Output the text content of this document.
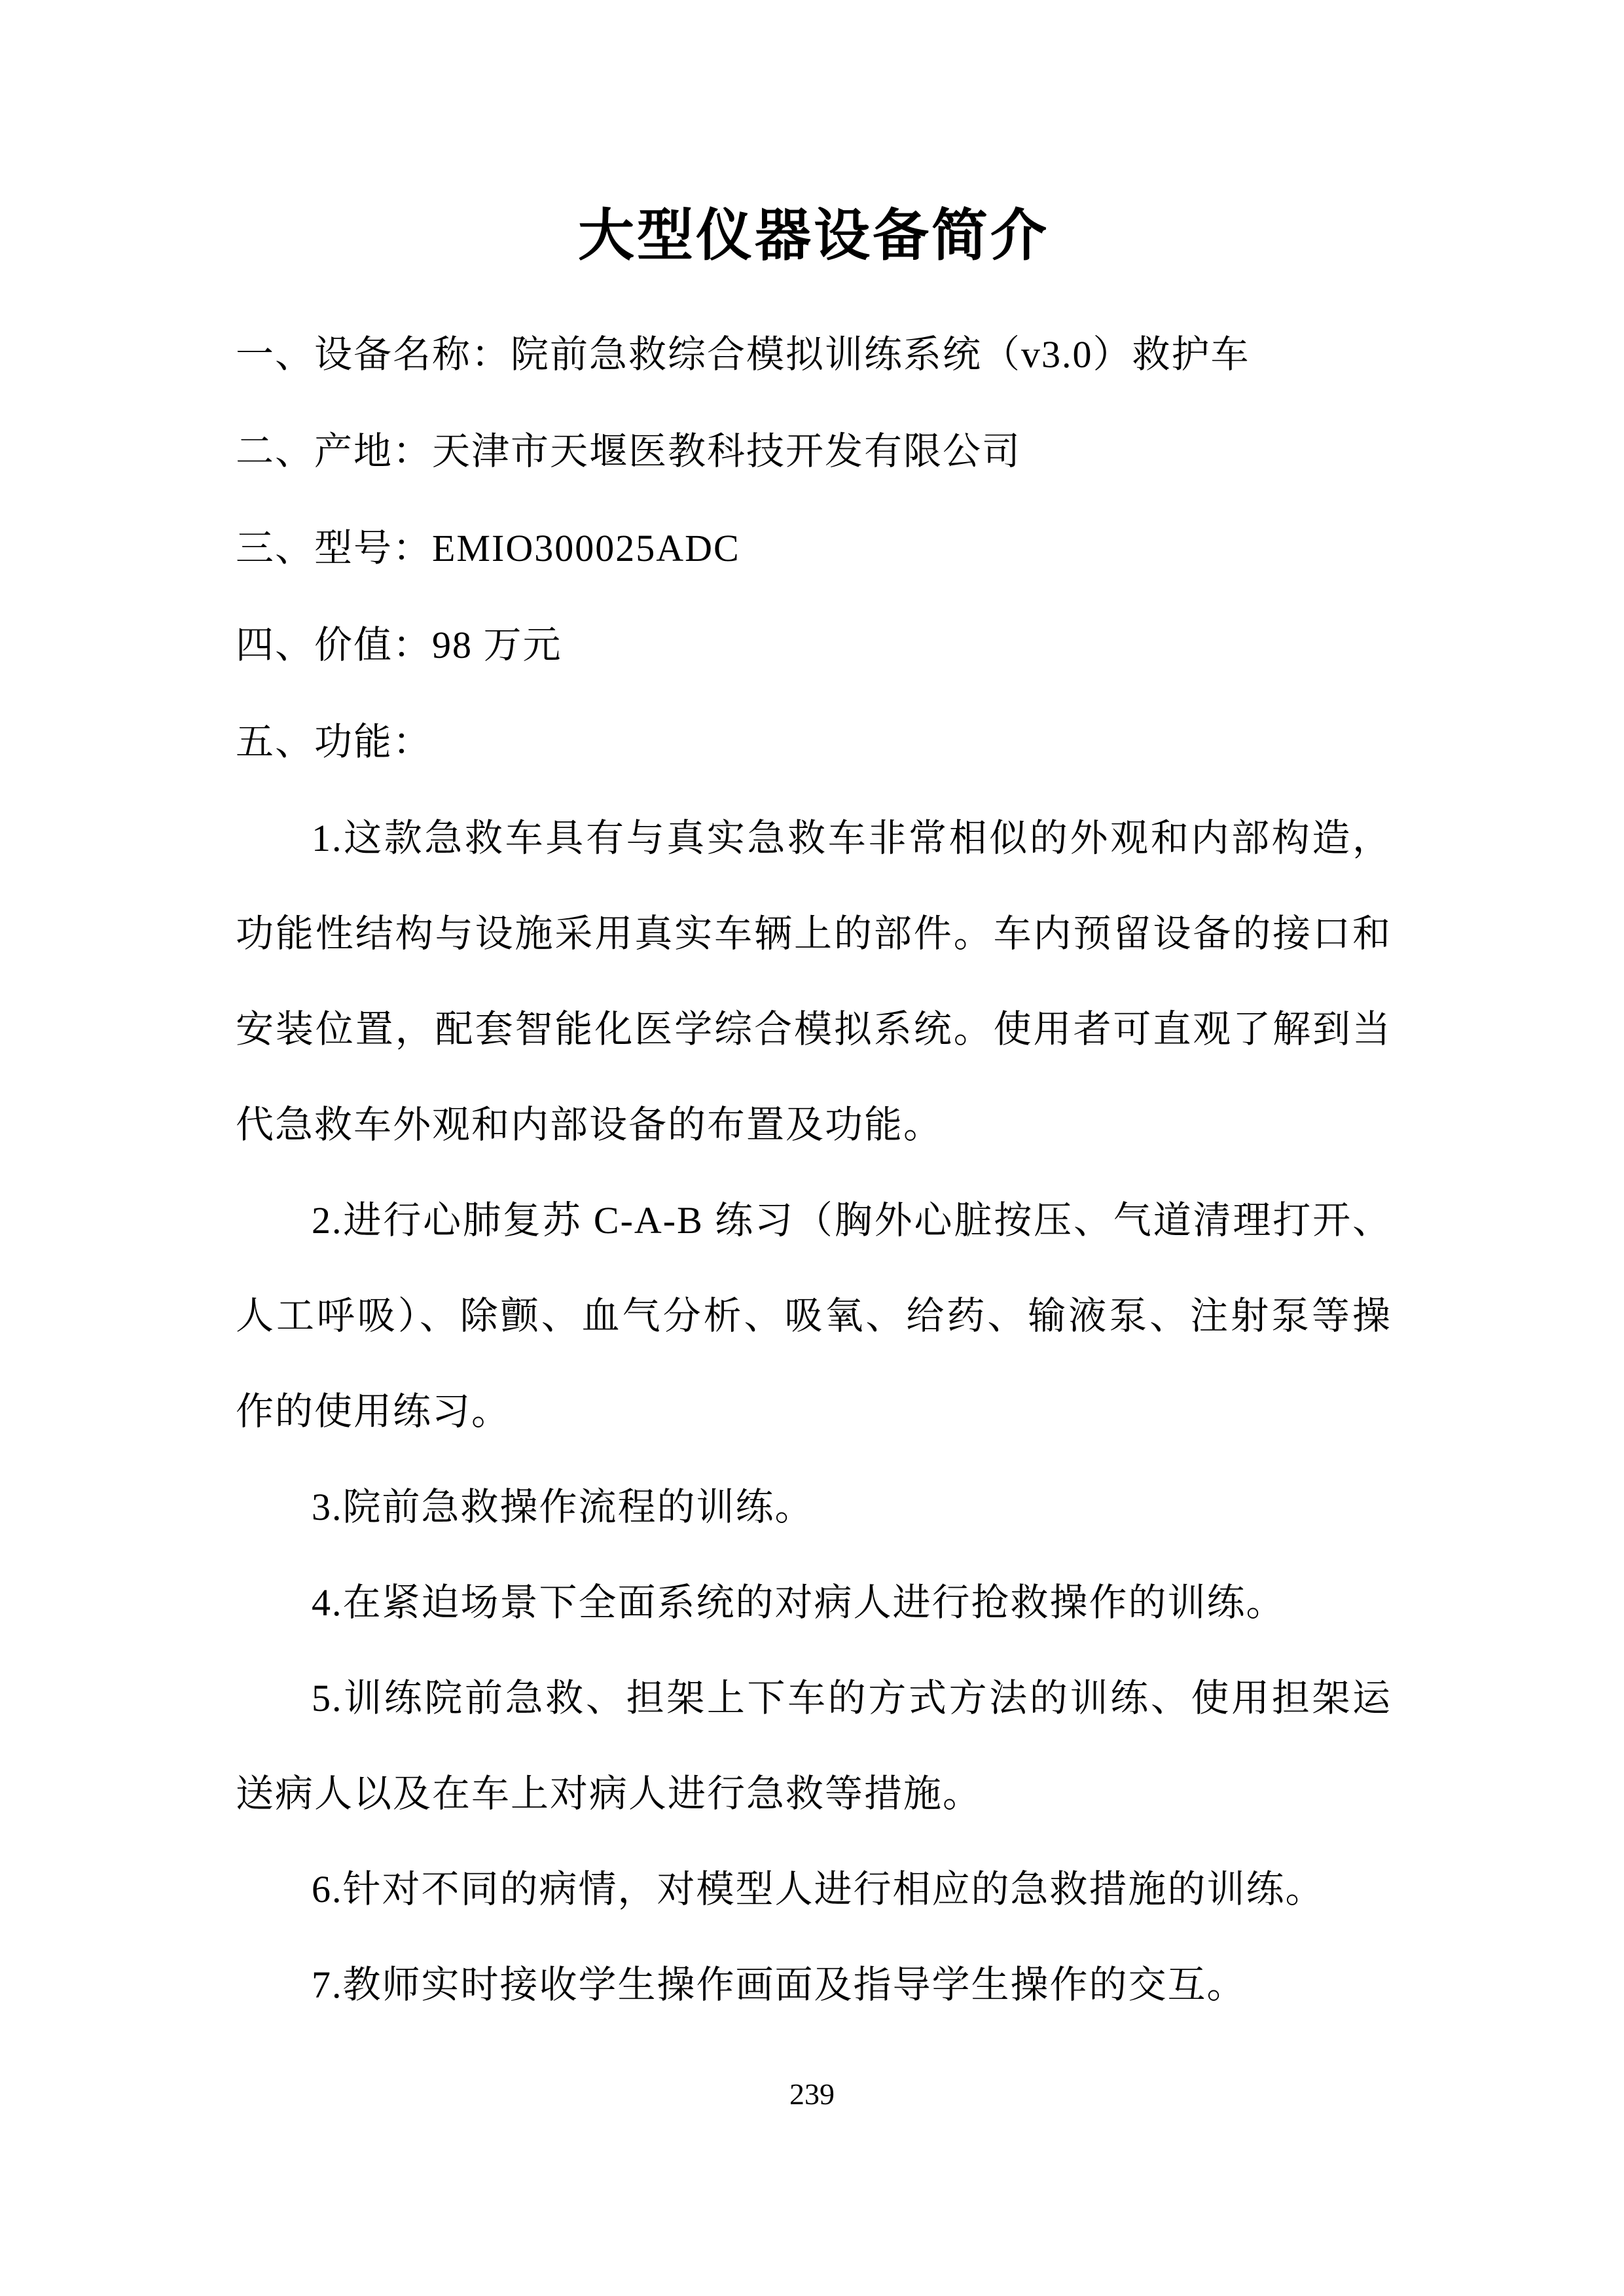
大型仪器设备简介

一、设备名称：院前急救综合模拟训练系统（v3.0）救护车

二、产地：天津市天堰医教科技开发有限公司

三、型号：EMIO300025ADC

四、价值：98 万元

五、功能：

1.这款急救车具有与真实急救车非常相似的外观和内部构造，功能性结构与设施采用真实车辆上的部件。车内预留设备的接口和安装位置，配套智能化医学综合模拟系统。使用者可直观了解到当代急救车外观和内部设备的布置及功能。

2.进行心肺复苏 C-A-B 练习（胸外心脏按压、气道清理打开、人工呼吸）、除颤、血气分析、吸氧、给药、输液泵、注射泵等操作的使用练习。

3.院前急救操作流程的训练。

4.在紧迫场景下全面系统的对病人进行抢救操作的训练。

5.训练院前急救、担架上下车的方式方法的训练、使用担架运送病人以及在车上对病人进行急救等措施。

6.针对不同的病情，对模型人进行相应的急救措施的训练。

7.教师实时接收学生操作画面及指导学生操作的交互。

239
